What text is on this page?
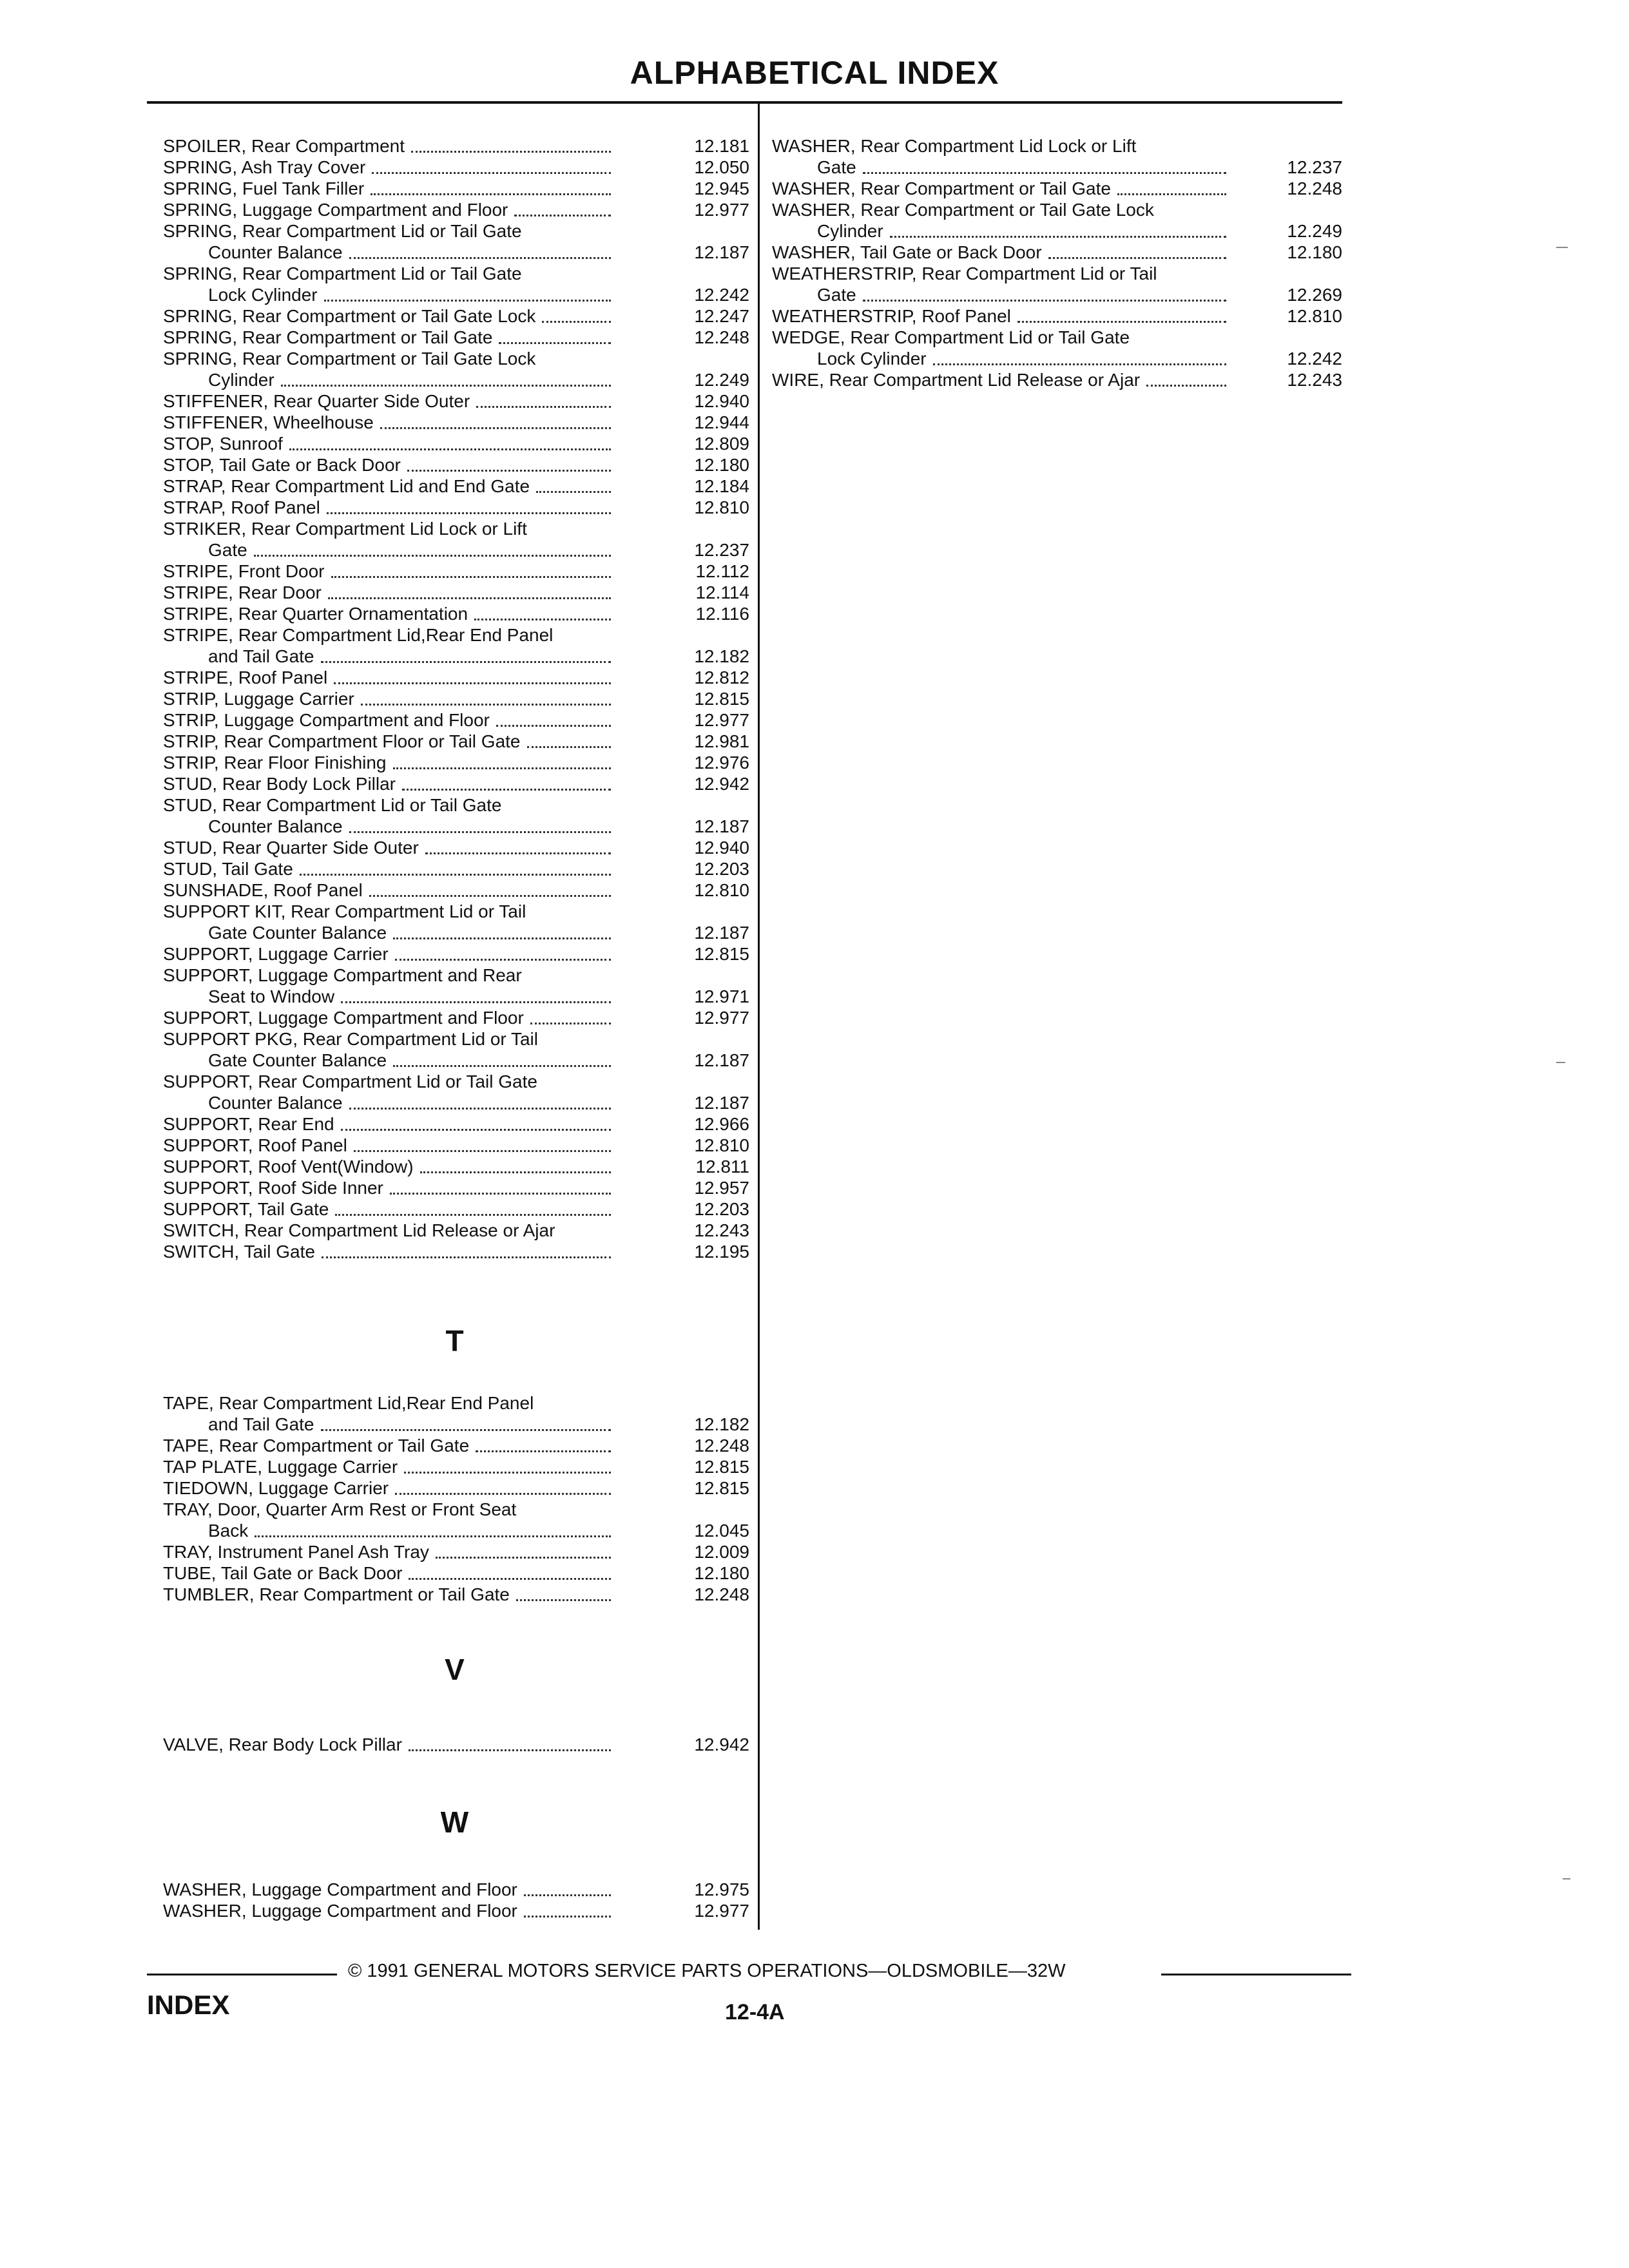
ALPHABETICAL INDEX
SPOILER, Rear Compartment	12.181
SPRING, Ash Tray Cover	12.050
SPRING, Fuel Tank Filler	12.945
SPRING, Luggage Compartment and Floor	12.977
SPRING, Rear Compartment Lid or Tail Gate
Counter Balance	12.187
SPRING, Rear Compartment Lid or Tail Gate
Lock Cylinder	12.242
SPRING, Rear Compartment or Tail Gate Lock	12.247
SPRING, Rear Compartment or Tail Gate	12.248
SPRING, Rear Compartment or Tail Gate Lock
Cylinder	12.249
STIFFENER, Rear Quarter Side Outer	12.940
STIFFENER, Wheelhouse	12.944
STOP, Sunroof	12.809
STOP, Tail Gate or Back Door	12.180
STRAP, Rear Compartment Lid and End Gate	12.184
STRAP, Roof Panel	12.810
STRIKER, Rear Compartment Lid Lock or Lift
Gate	12.237
STRIPE, Front Door	12.112
STRIPE, Rear Door	12.114
STRIPE, Rear Quarter Ornamentation	12.116
STRIPE, Rear Compartment Lid,Rear End Panel
and Tail Gate	12.182
STRIPE, Roof Panel	12.812
STRIP, Luggage Carrier	12.815
STRIP, Luggage Compartment and Floor	12.977
STRIP, Rear Compartment Floor or Tail Gate	12.981
STRIP, Rear Floor Finishing	12.976
STUD, Rear Body Lock Pillar	12.942
STUD, Rear Compartment Lid or Tail Gate
Counter Balance	12.187
STUD, Rear Quarter Side Outer	12.940
STUD, Tail Gate	12.203
SUNSHADE, Roof Panel	12.810
SUPPORT KIT, Rear Compartment Lid or Tail
Gate Counter Balance	12.187
SUPPORT, Luggage Carrier	12.815
SUPPORT, Luggage Compartment and Rear
Seat to Window	12.971
SUPPORT, Luggage Compartment and Floor	12.977
SUPPORT PKG, Rear Compartment Lid or Tail
Gate Counter Balance	12.187
SUPPORT, Rear Compartment Lid or Tail Gate
Counter Balance	12.187
SUPPORT, Rear End	12.966
SUPPORT, Roof Panel	12.810
SUPPORT, Roof Vent(Window)	12.811
SUPPORT, Roof Side Inner	12.957
SUPPORT, Tail Gate	12.203
SWITCH, Rear Compartment Lid Release or Ajar	12.243
SWITCH, Tail Gate	12.195
T
TAPE, Rear Compartment Lid,Rear End Panel
and Tail Gate	12.182
TAPE, Rear Compartment or Tail Gate	12.248
TAP PLATE, Luggage Carrier	12.815
TIEDOWN, Luggage Carrier	12.815
TRAY, Door, Quarter Arm Rest or Front Seat
Back	12.045
TRAY, Instrument Panel Ash Tray	12.009
TUBE, Tail Gate or Back Door	12.180
TUMBLER, Rear Compartment or Tail Gate	12.248
V
VALVE, Rear Body Lock Pillar	12.942
W
WASHER, Luggage Compartment and Floor	12.975
WASHER, Luggage Compartment and Floor	12.977
WASHER, Rear Compartment Lid Lock or Lift
Gate	12.237
WASHER, Rear Compartment or Tail Gate	12.248
WASHER, Rear Compartment or Tail Gate Lock
Cylinder	12.249
WASHER, Tail Gate or Back Door	12.180
WEATHERSTRIP, Rear Compartment Lid or Tail
Gate	12.269
WEATHERSTRIP, Roof Panel	12.810
WEDGE, Rear Compartment Lid or Tail Gate
Lock Cylinder	12.242
WIRE, Rear Compartment Lid Release or Ajar	12.243
© 1991 GENERAL MOTORS SERVICE PARTS OPERATIONS—OLDSMOBILE—32W
INDEX	12-4A
